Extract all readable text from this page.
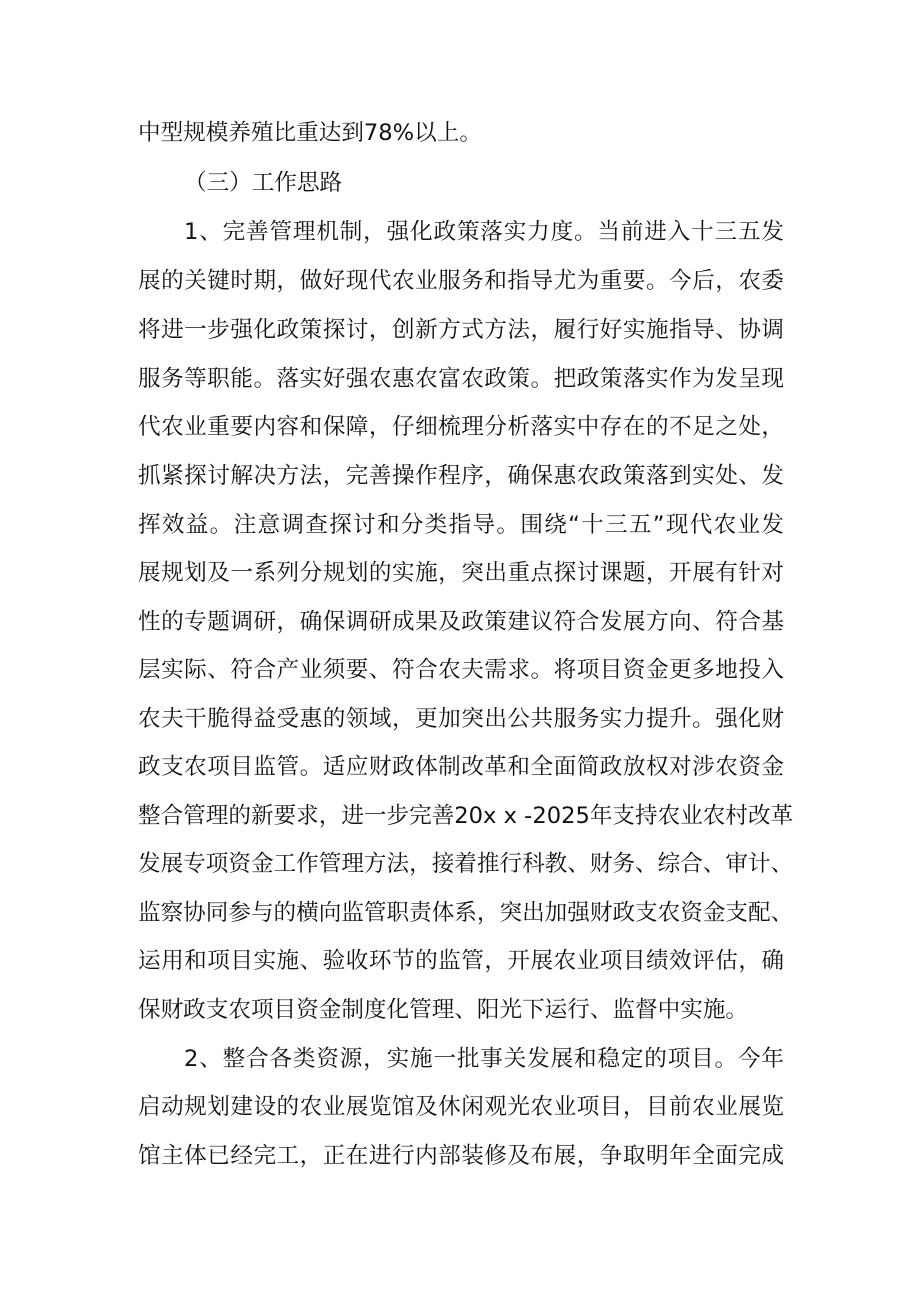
中型规模养殖比重达到78%以上。

（三）工作思路

1、完善管理机制，强化政策落实力度。当前进入十三五发

展的关键时期，做好现代农业服务和指导尤为重要。今后，农委

将进一步强化政策探讨，创新方式方法，履行好实施指导、协调

服务等职能。落实好强农惠农富农政策。把政策落实作为发呈现

代农业重要内容和保障，仔细梳理分析落实中存在的不足之处，

抓紧探讨解决方法，完善操作程序，确保惠农政策落到实处、发

挥效益。注意调查探讨和分类指导。围绕“十三五”现代农业发

展规划及一系列分规划的实施，突出重点探讨课题，开展有针对

性的专题调研，确保调研成果及政策建议符合发展方向、符合基

层实际、符合产业须要、符合农夫需求。将项目资金更多地投入

农夫干脆得益受惠的领域，更加突出公共服务实力提升。强化财

政支农项目监管。适应财政体制改革和全面简政放权对涉农资金

整合管理的新要求，进一步完善20x x -2025年支持农业农村改革

发展专项资金工作管理方法，接着推行科教、财务、综合、审计、

监察协同参与的横向监管职责体系，突出加强财政支农资金支配、

运用和项目实施、验收环节的监管，开展农业项目绩效评估，确

保财政支农项目资金制度化管理、阳光下运行、监督中实施。

2、整合各类资源，实施一批事关发展和稳定的项目。今年

启动规划建设的农业展览馆及休闲观光农业项目，目前农业展览

馆主体已经完工，正在进行内部装修及布展，争取明年全面完成
